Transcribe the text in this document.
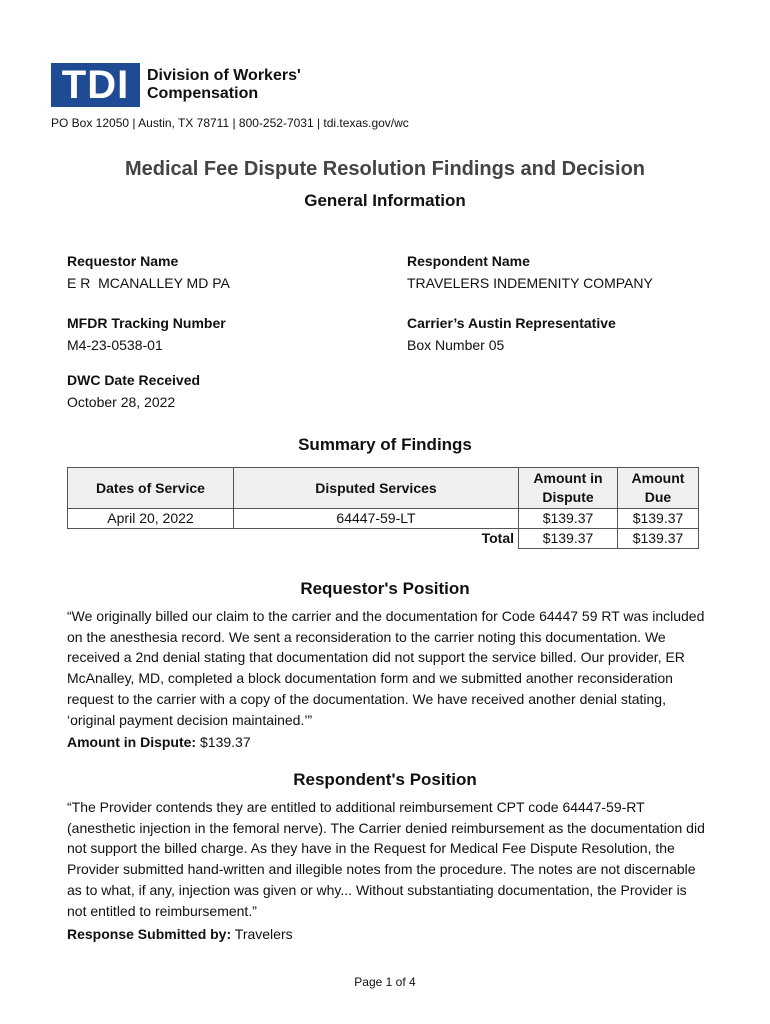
TDI	Division of Workers'
Compensation
PO Box 12050 | Austin, TX 78711 | 800-252-7031 | tdi.texas.gov/wc
Medical Fee Dispute Resolution Findings and Decision
General Information
Requestor Name
E R  MCANALLEY MD PA
Respondent Name
TRAVELERS INDEMENITY COMPANY
MFDR Tracking Number
M4-23-0538-01
Carrier’s Austin Representative
Box Number 05
DWC Date Received
October 28, 2022
Summary of Findings
Dates of Service	Disputed Services	Amount in Dispute	Amount Due
April 20, 2022	64447-59-LT	$139.37	$139.37
	Total	$139.37	$139.37
Requestor's Position
“We originally billed our claim to the carrier and the documentation for Code 64447 59 RT was included on the anesthesia record. We sent a reconsideration to the carrier noting this documentation. We received a 2nd denial stating that documentation did not support the service billed. Our provider, ER McAnalley, MD, completed a block documentation form and we submitted another reconsideration request to the carrier with a copy of the documentation. We have received another denial stating, ‘original payment decision maintained.’”
Amount in Dispute: $139.37
Respondent's Position
“The Provider contends they are entitled to additional reimbursement CPT code 64447-59-RT (anesthetic injection in the femoral nerve). The Carrier denied reimbursement as the documentation did not support the billed charge. As they have in the Request for Medical Fee Dispute Resolution, the Provider submitted hand-written and illegible notes from the procedure. The notes are not discernable as to what, if any, injection was given or why... Without substantiating documentation, the Provider is not entitled to reimbursement.”
Response Submitted by: Travelers
Page 1 of 4
